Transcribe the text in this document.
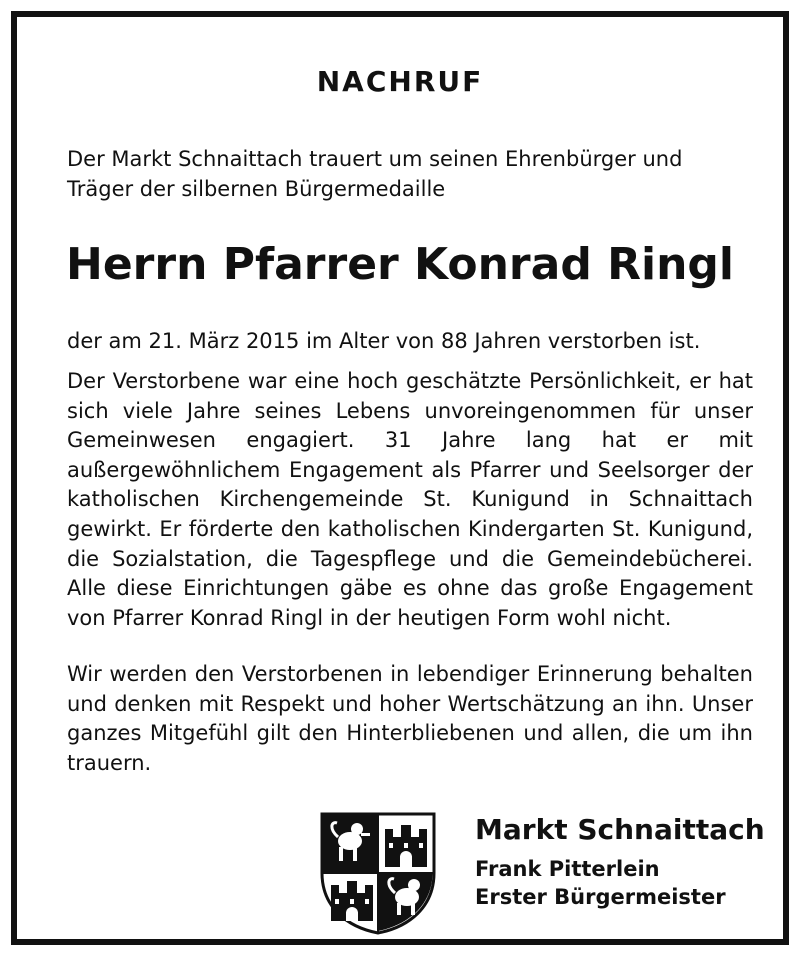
NACHRUF
Der Markt Schnaittach trauert um seinen Ehrenbürger und
Träger der silbernen Bürgermedaille
Herrn Pfarrer Konrad Ringl
der am 21. März 2015 im Alter von 88 Jahren verstorben ist.
Der Verstorbene war eine hoch geschätzte Persönlichkeit, er hat sich viele Jahre seines Lebens unvoreingenommen für unser Gemeinwesen engagiert. 31 Jahre lang hat er mit außergewöhnlichem Engagement als Pfarrer und Seelsorger der katholischen Kirchengemeinde St. Kunigund in Schnaittach gewirkt. Er förderte den katholischen Kindergarten St. Kunigund, die Sozialstation, die Tagespflege und die Gemeindebücherei. Alle diese Einrichtungen gäbe es ohne das große Engagement von Pfarrer Konrad Ringl in der heutigen Form wohl nicht.
Wir werden den Verstorbenen in lebendiger Erinnerung behalten und denken mit Respekt und hoher Wertschätzung an ihn. Unser ganzes Mitgefühl gilt den Hinterbliebenen und allen, die um ihn trauern.
Markt Schnaittach
Frank Pitterlein
Erster Bürgermeister
